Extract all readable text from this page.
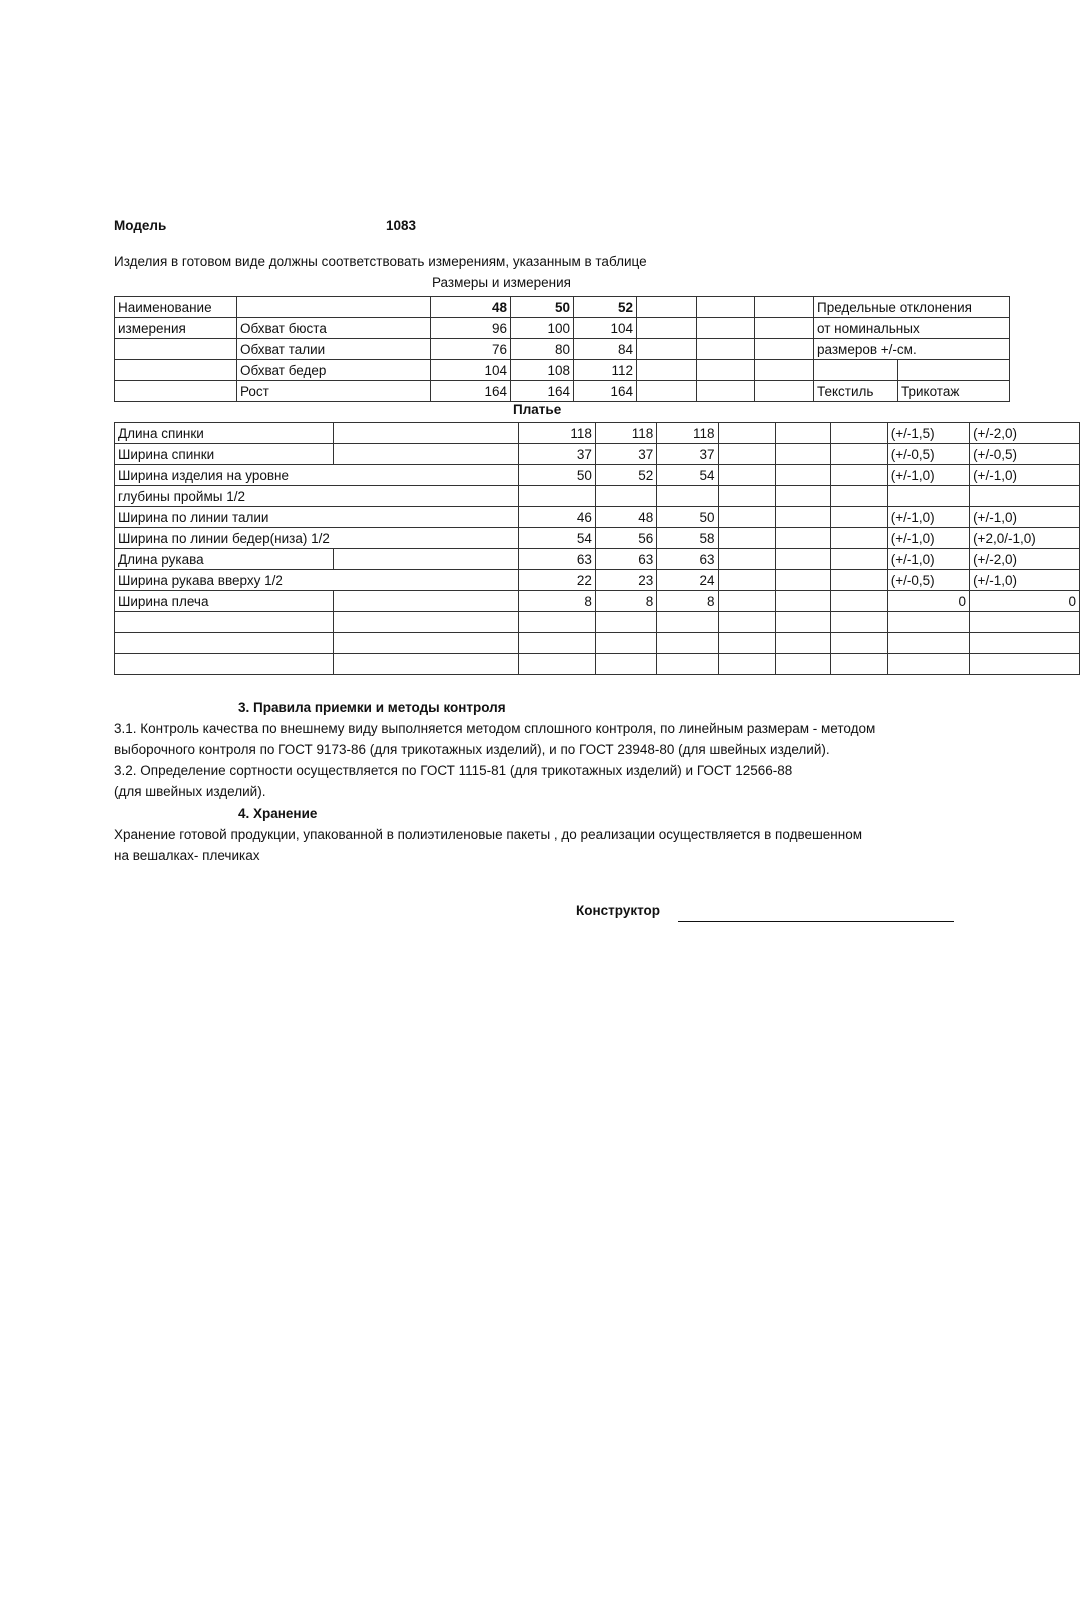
Модель	1083
Изделия в готовом виде должны соответствовать измерениям, указанным в таблице
Размеры и измерения
Наименование		48	50	52				Предельные отклонения	
измерения	Обхват бюста	96	100	104				от номинальных	
	Обхват талии	76	80	84				размеров +/-см.	
	Обхват бедер	104	108	112					
	Рост	164	164	164				Текстиль	Трикотаж
Платье
Длина спинки		118	118	118				(+/-1,5)	(+/-2,0)
Ширина спинки		37	37	37				(+/-0,5)	(+/-0,5)
Ширина изделия на уровне		50	52	54				(+/-1,0)	(+/-1,0)
глубины проймы 1/2									
Ширина по линии талии		46	48	50				(+/-1,0)	(+/-1,0)
Ширина по линии бедер(низа) 1/2		54	56	58				(+/-1,0)	(+2,0/-1,0)
Длина рукава		63	63	63				(+/-1,0)	(+/-2,0)
Ширина рукава вверху 1/2		22	23	24				(+/-0,5)	(+/-1,0)
Ширина плеча		8	8	8				0	0

3. Правила приемки и методы контроля
3.1. Контроль качества по внешнему виду выполняется методом сплошного контроля, по линейным размерам - методом
выборочного контроля по ГОСТ 9173-86 (для трикотажных изделий), и по ГОСТ 23948-80 (для швейных изделий).
3.2. Определение сортности осуществляется по ГОСТ 1115-81 (для трикотажных изделий) и ГОСТ 12566-88
(для швейных изделий).
4. Хранение
Хранение готовой продукции, упакованной в полиэтиленовые пакеты , до реализации осуществляется в подвешенном
на вешалках- плечиках
Конструктор
